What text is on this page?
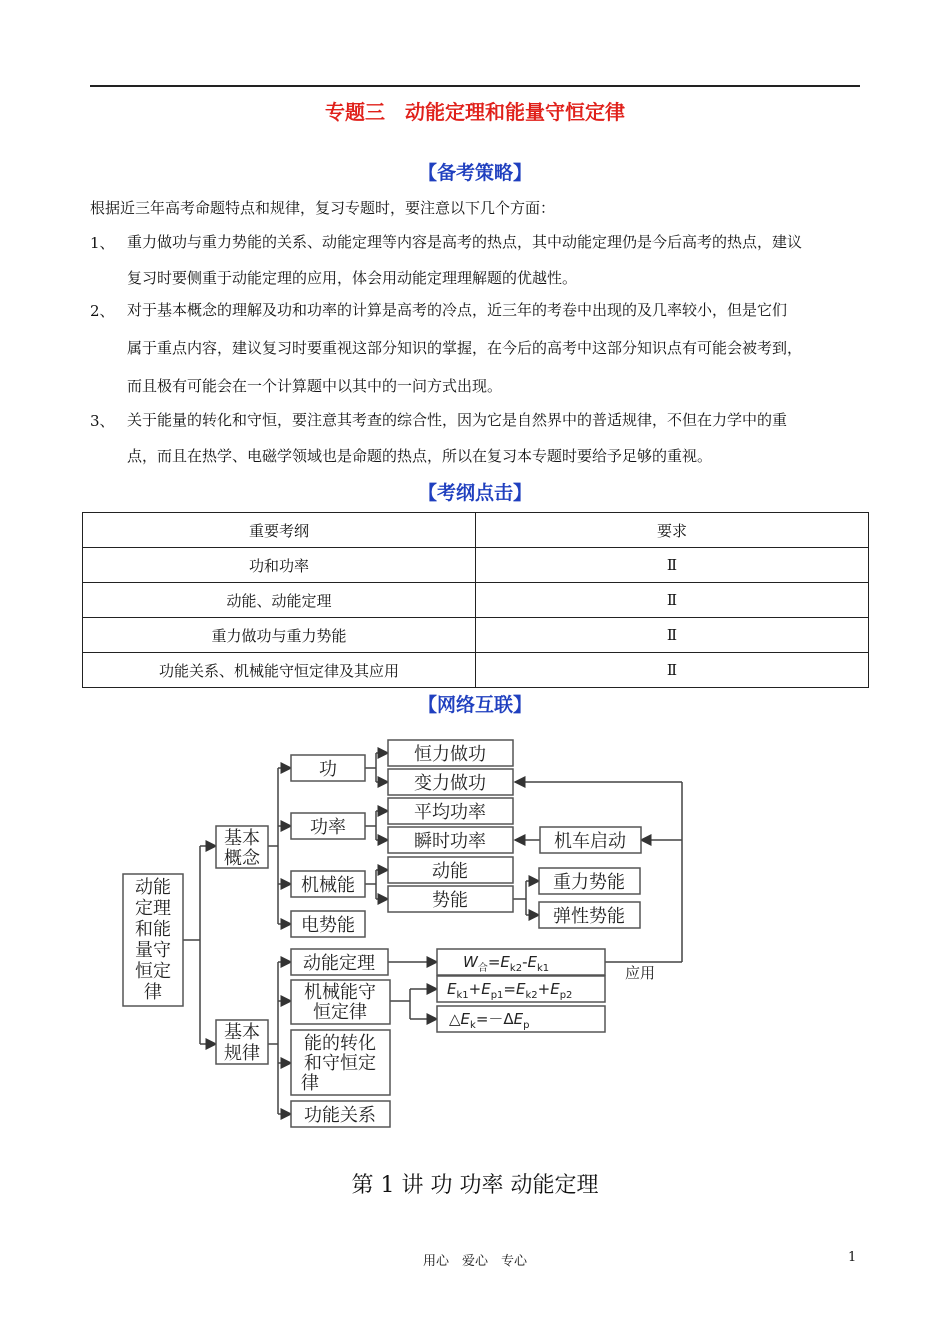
专题三　动能定理和能量守恒定律
【备考策略】
根据近三年高考命题特点和规律，复习专题时，要注意以下几个方面：
1、 重力做功与重力势能的关系、动能定理等内容是高考的热点，其中动能定理仍是今后高考的热点，建议
复习时要侧重于动能定理的应用，体会用动能定理理解题的优越性。
2、 对于基本概念的理解及功和功率的计算是高考的冷点，近三年的考卷中出现的及几率较小，但是它们
属于重点内容，建议复习时要重视这部分知识的掌握，在今后的高考中这部分知识点有可能会被考到，
而且极有可能会在一个计算题中以其中的一问方式出现。
3、 关于能量的转化和守恒，要注意其考查的综合性，因为它是自然界中的普适规律，不但在力学中的重
点，而且在热学、电磁学领域也是命题的热点，所以在复习本专题时要给予足够的重视。
【考纲点击】
重要考纲	要求
功和功率	Ⅱ
动能、动能定理	Ⅱ
重力做功与重力势能	Ⅱ
功能关系、机械能守恒定律及其应用	Ⅱ
【网络互联】
动能
定理
和能
量守
恒定
律
基本
概念
基本
规律
功
功率
机械能
电势能
恒力做功
变力做功
平均功率
瞬时功率	机车启动
动能
势能
重力势能
弹性势能
动能定理
机械能守
恒定律
能的转化
和守恒定
律
功能关系
应用
$W_合=E_{k2}-E_{k1}$
$E_{k1}+E_{p1}=E_{k2}+E_{p2}$
$\triangle E_k=-\Delta E_p$
第 1 讲 功 功率 动能定理
用心　爱心　专心	1
